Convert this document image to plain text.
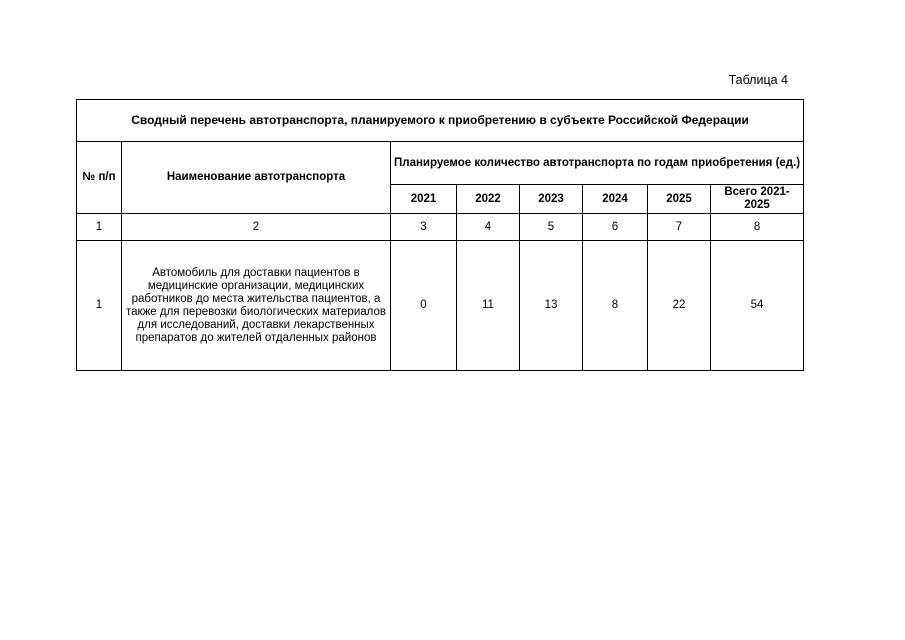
Таблица 4
Сводный перечень автотранспорта, планируемого к приобретению в субъекте Российской Федерации							
№ п/п	Наименование автотранспорта	Планируемое количество автотранспорта по годам приобретения (ед.)					
		2021	2022	2023	2024	2025	Всего 2021-2025
1	2	3	4	5	6	7	8
1	Автомобиль для доставки пациентов в медицинские организации, медицинских работников до места жительства пациентов, а также для перевозки биологических материалов для исследований, доставки лекарственных препаратов до жителей отдаленных районов	0	11	13	8	22	54
